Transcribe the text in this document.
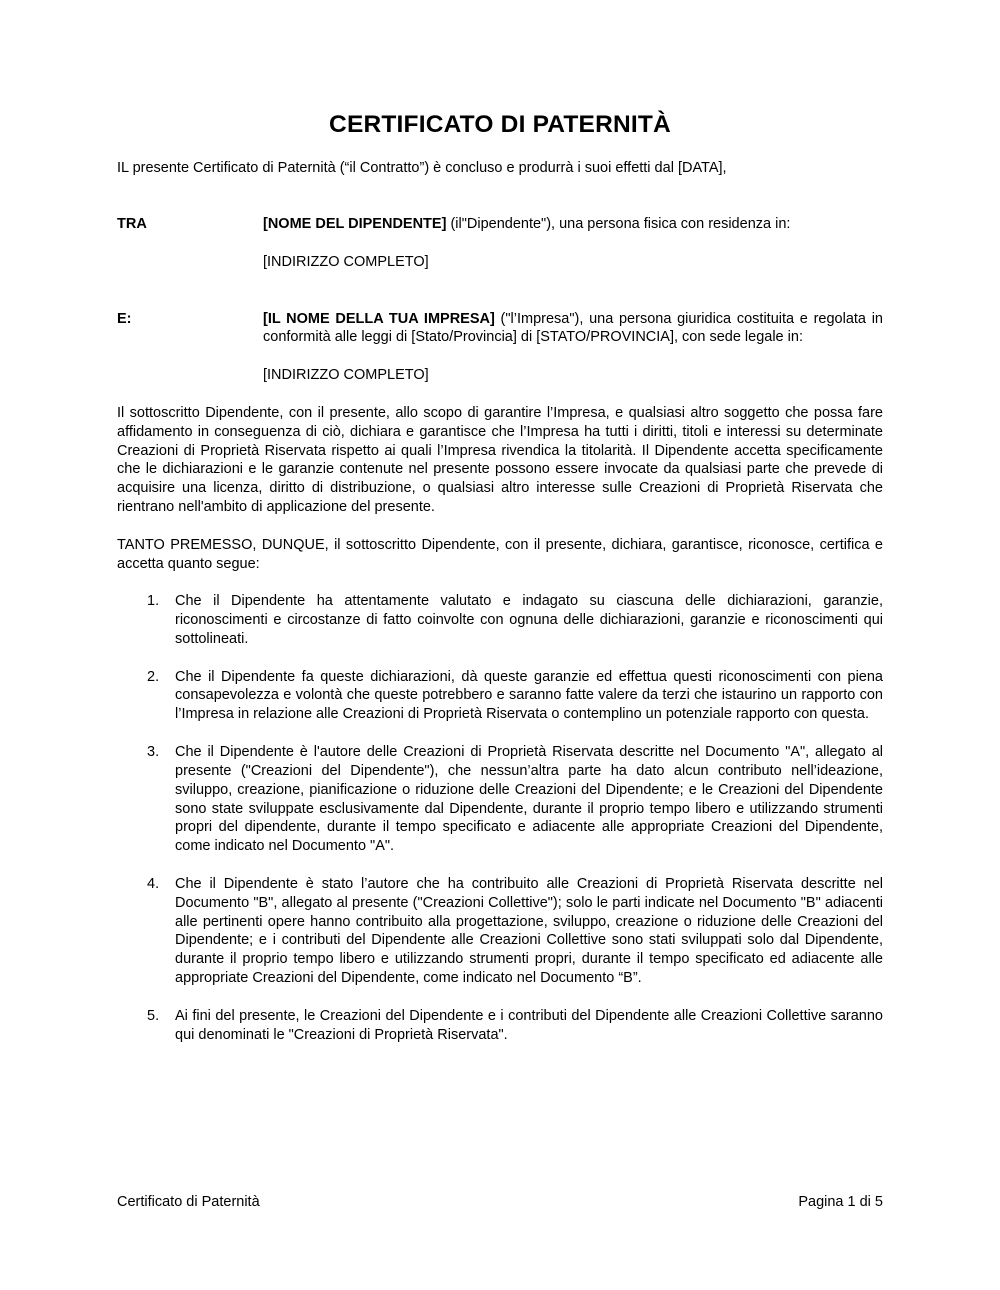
CERTIFICATO DI PATERNITÀ

IL presente Certificato di Paternità (“il Contratto”) è concluso e produrrà i suoi effetti dal [DATA],

TRA	[NOME DEL DIPENDENTE] (il"Dipendente"), una persona fisica con residenza in:
[INDIRIZZO COMPLETO]
E:	[IL NOME DELLA TUA IMPRESA] ("l’Impresa"), una persona giuridica costituita e regolata in conformità alle leggi di [Stato/Provincia] di [STATO/PROVINCIA], con sede legale in:
[INDIRIZZO COMPLETO]

Il sottoscritto Dipendente, con il presente, allo scopo di garantire l’Impresa, e qualsiasi altro soggetto che possa fare affidamento in conseguenza di ciò, dichiara e garantisce che l’Impresa ha tutti i diritti, titoli e interessi su determinate Creazioni di Proprietà Riservata rispetto ai quali l’Impresa rivendica la titolarità. Il Dipendente accetta specificamente che le dichiarazioni e le garanzie contenute nel presente possono essere invocate da qualsiasi parte che prevede di acquisire una licenza, diritto di distribuzione, o qualsiasi altro interesse sulle Creazioni di Proprietà Riservata che rientrano nell'ambito di applicazione del presente.

TANTO PREMESSO, DUNQUE, il sottoscritto Dipendente, con il presente, dichiara, garantisce, riconosce, certifica e accetta quanto segue:

1.	Che il Dipendente ha attentamente valutato e indagato su ciascuna delle dichiarazioni, garanzie, riconoscimenti e circostanze di fatto coinvolte con ognuna delle dichiarazioni, garanzie e riconoscimenti qui sottolineati.
2.	Che il Dipendente fa queste dichiarazioni, dà queste garanzie ed effettua questi riconoscimenti con piena consapevolezza e volontà che queste potrebbero e saranno fatte valere da terzi che istaurino un rapporto con l’Impresa in relazione alle Creazioni di Proprietà Riservata o contemplino un potenziale rapporto con questa.
3.	Che il Dipendente è l'autore delle Creazioni di Proprietà Riservata descritte nel Documento "A", allegato al presente ("Creazioni del Dipendente"), che nessun’altra parte ha dato alcun contributo nell’ideazione, sviluppo, creazione, pianificazione o riduzione delle Creazioni del Dipendente; e le Creazioni del Dipendente sono state sviluppate esclusivamente dal Dipendente, durante il proprio tempo libero e utilizzando strumenti propri del dipendente, durante il tempo specificato e adiacente alle appropriate Creazioni del Dipendente, come indicato nel Documento "A".
4.	Che il Dipendente è stato l’autore che ha contribuito alle Creazioni di Proprietà Riservata descritte nel Documento "B", allegato al presente ("Creazioni Collettive"); solo le parti indicate nel Documento "B" adiacenti alle pertinenti opere hanno contribuito alla progettazione, sviluppo, creazione o riduzione delle Creazioni del Dipendente; e i contributi del Dipendente alle Creazioni Collettive sono stati sviluppati solo dal Dipendente, durante il proprio tempo libero e utilizzando strumenti propri, durante il tempo specificato ed adiacente alle appropriate Creazioni del Dipendente, come indicato nel Documento “B”.
5.	Ai fini del presente, le Creazioni del Dipendente e i contributi del Dipendente alle Creazioni Collettive saranno qui denominati le "Creazioni di Proprietà Riservata".
Certificato di Paternità	Pagina 1 di 5
